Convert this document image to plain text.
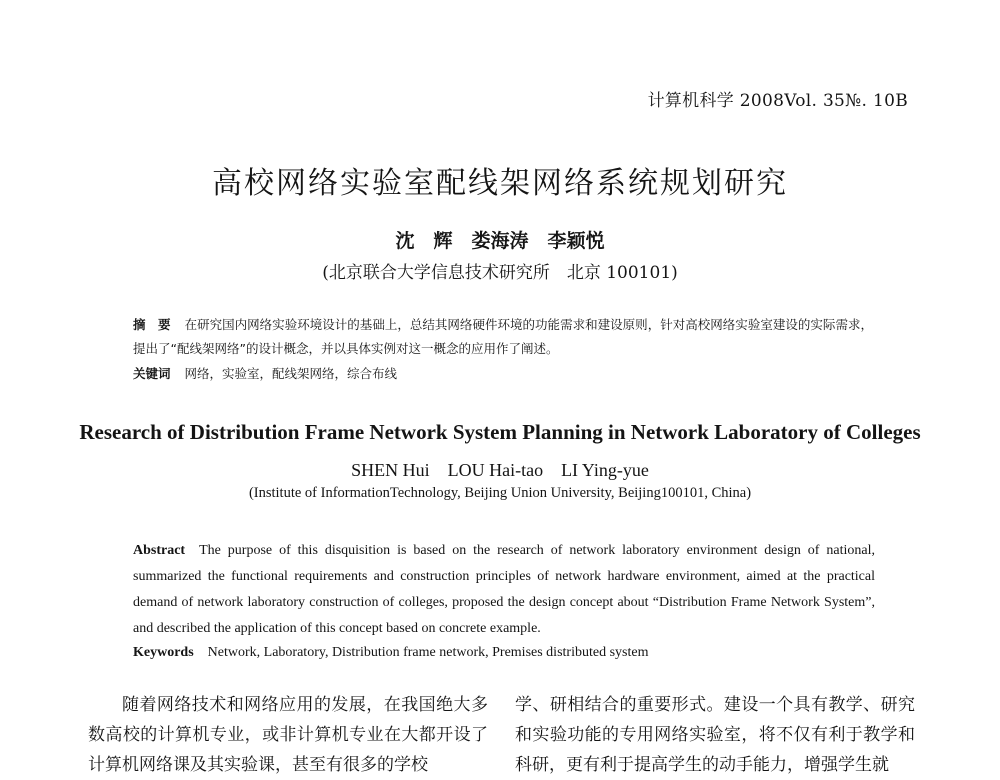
计算机科学 2008Vol. 35№. 10B
高校网络实验室配线架网络系统规划研究
沈　辉　娄海涛　李颖悦
(北京联合大学信息技术研究所　北京 100101)
摘　要 在研究国内网络实验环境设计的基础上，总结其网络硬件环境的功能需求和建设原则，针对高校网络实验室建设的实际需求，提出了“配线架网络”的设计概念，并以具体实例对这一概念的应用作了阐述。
关键词 网络，实验室，配线架网络，综合布线
Research of Distribution Frame Network System Planning in Network Laboratory of Colleges
SHEN Hui　LOU Hai-tao　LI Ying-yue
(Institute of InformationTechnology, Beijing Union University, Beijing100101, China)
Abstract The purpose of this disquisition is based on the research of network laboratory environment design of national, summarized the functional requirements and construction principles of network hardware environment, aimed at the practical demand of network laboratory construction of colleges, proposed the design concept about “Distribution Frame Network System”, and described the application of this concept based on concrete example.
Keywords Network, Laboratory, Distribution frame network, Premises distributed system
随着网络技术和网络应用的发展，在我国绝大多数高校的计算机专业，或非计算机专业在大都开设了计算机网络课及其实验课，甚至有很多的学校
学、研相结合的重要形式。建设一个具有教学、研究和实验功能的专用网络实验室，将不仅有利于教学和科研，更有利于提高学生的动手能力，增强学生就
